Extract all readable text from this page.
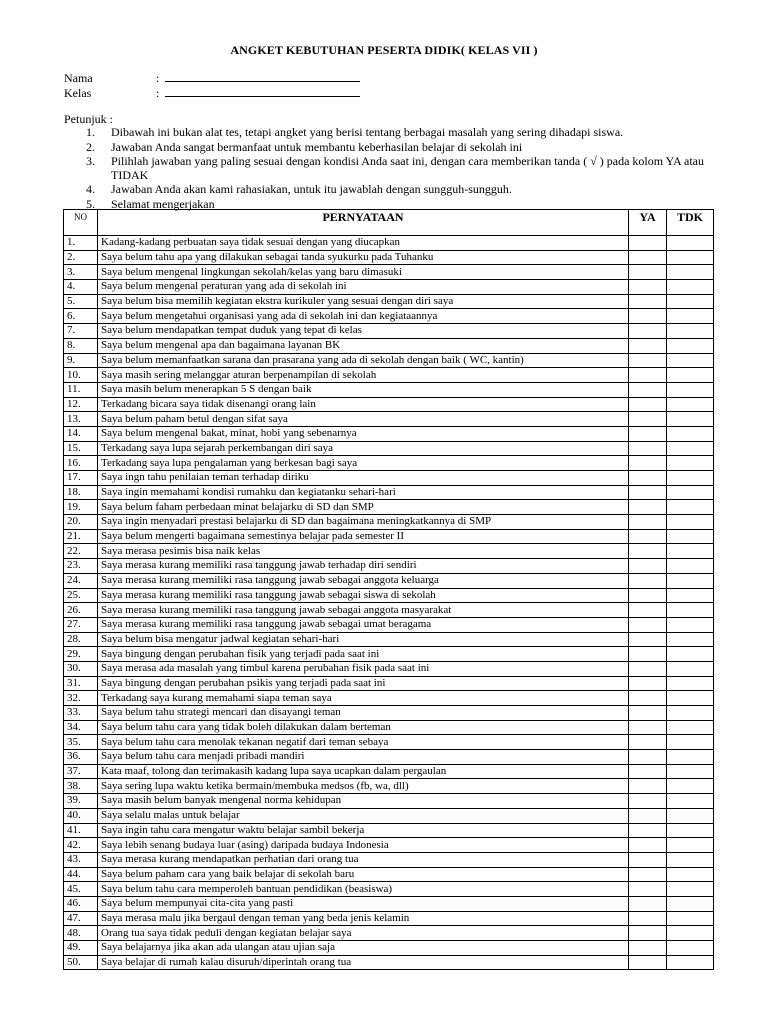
ANGKET KEBUTUHAN PESERTA DIDIK( KELAS VII )
Nama	:
Kelas	:
Petunjuk :
1. Dibawah ini bukan alat tes, tetapi angket yang berisi tentang berbagai masalah yang sering dihadapi siswa.
2. Jawaban Anda sangat bermanfaat untuk membantu keberhasilan belajar di sekolah ini
3. Pilihlah jawaban yang paling sesuai dengan kondisi Anda saat ini, dengan cara memberikan tanda ( √ ) pada kolom YA atau TIDAK
4. Jawaban Anda akan kami rahasiakan, untuk itu jawablah dengan sungguh-sungguh.
5. Selamat mengerjakan
NO	PERNYATAAN	YA	TDK
1.	Kadang-kadang perbuatan saya tidak sesuai dengan yang diucapkan		
2.	Saya belum tahu apa yang dilakukan sebagai tanda syukurku pada Tuhanku		
3.	Saya belum mengenal lingkungan sekolah/kelas yang baru dimasuki		
4.	Saya belum mengenal peraturan yang ada di sekolah ini		
5.	Saya belum bisa memilih kegiatan ekstra kurikuler yang sesuai dengan diri saya		
6.	Saya belum mengetahui organisasi yang ada di sekolah ini dan kegiataannya		
7.	Saya belum mendapatkan tempat duduk yang tepat di kelas		
8.	Saya belum mengenal apa dan bagaimana layanan BK		
9.	Saya belum memanfaatkan sarana dan prasarana yang ada di sekolah dengan baik ( WC, kantin)		
10.	Saya masih sering melanggar aturan berpenampilan di sekolah		
11.	Saya masih belum menerapkan 5 S dengan baik		
12.	Terkadang bicara saya tidak disenangi orang lain		
13.	Saya belum paham betul dengan sifat saya		
14.	Saya belum mengenal bakat, minat, hobi yang sebenarnya		
15.	Terkadang saya lupa sejarah perkembangan diri saya		
16.	Terkadang saya lupa pengalaman yang berkesan bagi saya		
17.	Saya ingn tahu penilaian teman terhadap diriku		
18.	Saya ingin memahami kondisi rumahku dan kegiatanku sehari-hari		
19.	Saya belum faham perbedaan minat belajarku di SD dan SMP		
20.	Saya ingin menyadari prestasi belajarku di SD dan bagaimana meningkatkannya di SMP		
21.	Saya belum mengerti bagaimana semestinya belajar pada semester II		
22.	Saya merasa pesimis bisa naik kelas		
23.	Saya merasa kurang memiliki rasa tanggung jawab terhadap diri sendiri		
24.	Saya merasa kurang memiliki rasa tanggung jawab sebagai anggota keluarga		
25.	Saya merasa kurang memiliki rasa tanggung jawab sebagai siswa di sekolah		
26.	Saya merasa kurang memiliki rasa tanggung jawab sebagai anggota masyarakat		
27.	Saya merasa kurang memiliki rasa tanggung jawab sebagai umat beragama		
28.	Saya belum bisa mengatur jadwal kegiatan sehari-hari		
29.	Saya bingung dengan perubahan fisik yang terjadi pada saat ini		
30.	Saya merasa ada masalah yang timbul karena perubahan fisik pada saat ini		
31.	Saya bingung dengan perubahan psikis yang terjadi pada saat ini		
32.	Terkadang saya kurang memahami siapa teman saya		
33.	Saya belum tahu strategi mencari dan disayangi teman		
34.	Saya belum tahu cara yang tidak boleh dilakukan dalam berteman		
35.	Saya belum tahu cara menolak tekanan negatif dari teman sebaya		
36.	Saya belum tahu cara menjadi pribadi mandiri		
37.	Kata maaf, tolong dan terimakasih kadang lupa saya ucapkan dalam pergaulan		
38.	Saya sering lupa waktu ketika bermain/membuka medsos (fb, wa, dll)		
39.	Saya masih belum banyak mengenal norma kehidupan		
40.	Saya selalu malas untuk belajar		
41.	Saya ingin tahu cara mengatur waktu belajar sambil bekerja		
42.	Saya lebih senang budaya luar (asing) daripada budaya Indonesia		
43.	Saya merasa kurang mendapatkan perhatian dari orang tua		
44.	Saya belum paham cara yang baik belajar di sekolah baru		
45.	Saya belum tahu cara memperoleh bantuan pendidikan (beasiswa)		
46.	Saya belum mempunyai cita-cita yang pasti		
47.	Saya merasa malu jika bergaul dengan teman yang beda jenis kelamin		
48.	Orang tua saya tidak peduli dengan kegiatan belajar saya		
49.	Saya belajarnya jika akan ada ulangan atau ujian saja		
50.	Saya belajar di rumah kalau disuruh/diperintah orang tua		
